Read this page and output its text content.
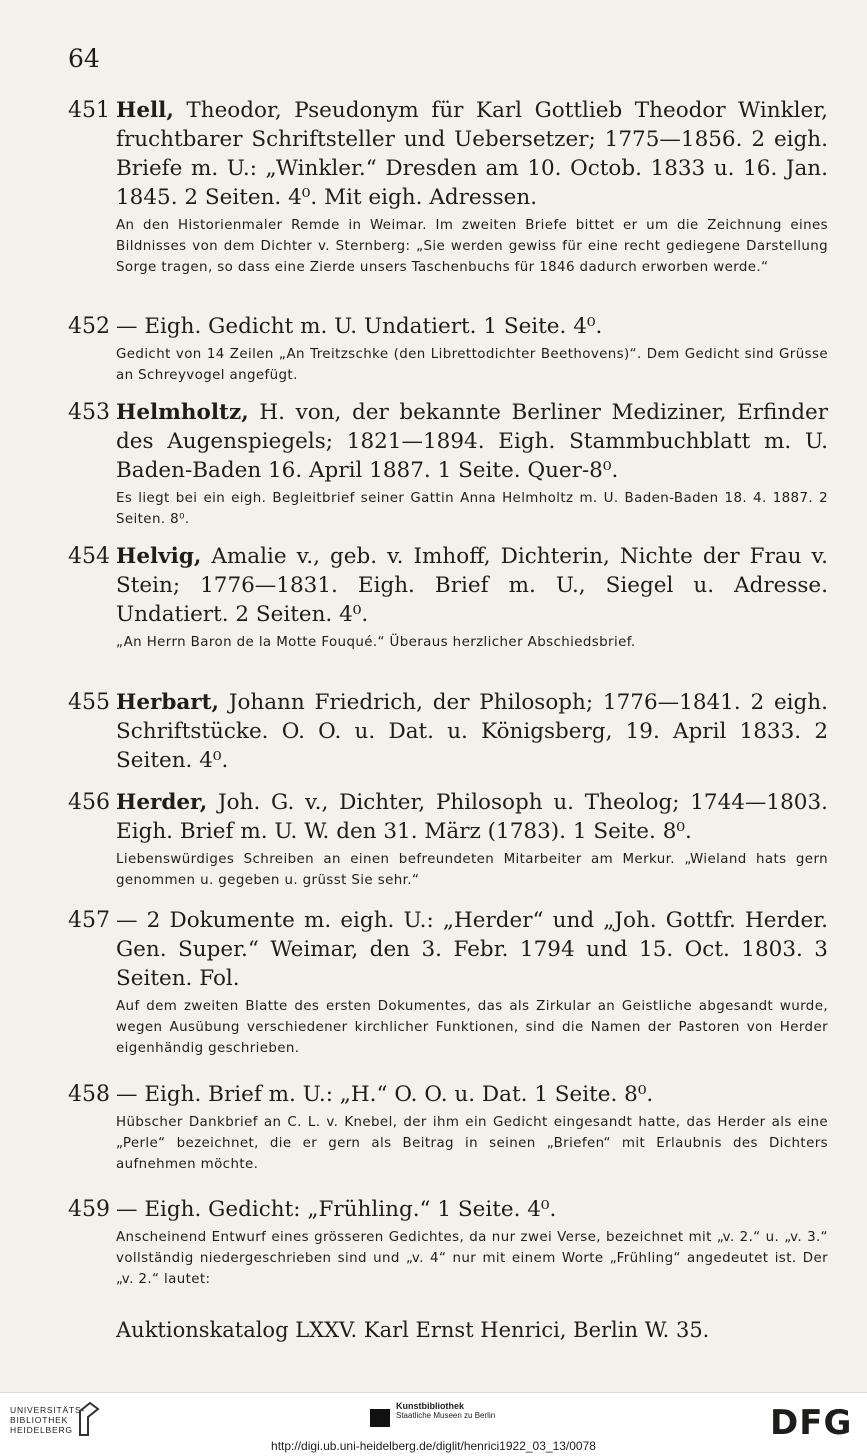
64
451 Hell, Theodor, Pseudonym für Karl Gottlieb Theodor Winkler, fruchtbarer Schriftsteller und Uebersetzer; 1775—1856. 2 eigh. Briefe m. U.: „Winkler.“ Dresden am 10. Octob. 1833 u. 16. Jan. 1845. 2 Seiten. 4⁰. Mit eigh. Adressen.
An den Historienmaler Remde in Weimar. Im zweiten Briefe bittet er um die Zeichnung eines Bildnisses von dem Dichter v. Sternberg: „Sie werden gewiss für eine recht gediegene Darstellung Sorge tragen, so dass eine Zierde unsers Taschenbuchs für 1846 dadurch erworben werde.“
452 — Eigh. Gedicht m. U. Undatiert. 1 Seite. 4⁰.
Gedicht von 14 Zeilen „An Treitzschke (den Librettodichter Beethovens)“. Dem Gedicht sind Grüsse an Schreyvogel angefügt.
453 Helmholtz, H. von, der bekannte Berliner Mediziner, Erfinder des Augenspiegels; 1821—1894. Eigh. Stammbuchblatt m. U. Baden-Baden 16. April 1887. 1 Seite. Quer-8⁰.
Es liegt bei ein eigh. Begleitbrief seiner Gattin Anna Helmholtz m. U. Baden-Baden 18. 4. 1887. 2 Seiten. 8⁰.
454 Helvig, Amalie v., geb. v. Imhoff, Dichterin, Nichte der Frau v. Stein; 1776—1831. Eigh. Brief m. U., Siegel u. Adresse. Undatiert. 2 Seiten. 4⁰.
„An Herrn Baron de la Motte Fouqué.“ Überaus herzlicher Abschiedsbrief.
455 Herbart, Johann Friedrich, der Philosoph; 1776—1841. 2 eigh. Schriftstücke. O. O. u. Dat. u. Königsberg, 19. April 1833. 2 Seiten. 4⁰.
456 Herder, Joh. G. v., Dichter, Philosoph u. Theolog; 1744—1803. Eigh. Brief m. U. W. den 31. März (1783). 1 Seite. 8⁰.
Liebenswürdiges Schreiben an einen befreundeten Mitarbeiter am Merkur. „Wieland hats gern genommen u. gegeben u. grüsst Sie sehr.“
457 — 2 Dokumente m. eigh. U.: „Herder“ und „Joh. Gottfr. Herder. Gen. Super.“ Weimar, den 3. Febr. 1794 und 15. Oct. 1803. 3 Seiten. Fol.
Auf dem zweiten Blatte des ersten Dokumentes, das als Zirkular an Geistliche abgesandt wurde, wegen Ausübung verschiedener kirchlicher Funktionen, sind die Namen der Pastoren von Herder eigenhändig geschrieben.
458 — Eigh. Brief m. U.: „H.“ O. O. u. Dat. 1 Seite. 8⁰.
Hübscher Dankbrief an C. L. v. Knebel, der ihm ein Gedicht eingesandt hatte, das Herder als eine „Perle“ bezeichnet, die er gern als Beitrag in seinen „Briefen“ mit Erlaubnis des Dichters aufnehmen möchte.
459 — Eigh. Gedicht: „Frühling.“ 1 Seite. 4⁰.
Anscheinend Entwurf eines grösseren Gedichtes, da nur zwei Verse, bezeichnet mit „v. 2.“ u. „v. 3.“ vollständig niedergeschrieben sind und „v. 4“ nur mit einem Worte „Frühling“ angedeutet ist. Der „v. 2.“ lautet:
Auktionskatalog LXXV. Karl Ernst Henrici, Berlin W. 35.
UNIVERSITÄTS-
BIBLIOTHEK
HEIDELBERG
Kunstbibliothek
Staatliche Museen zu Berlin	DFG
http://digi.ub.uni-heidelberg.de/diglit/henrici1922_03_13/0078
